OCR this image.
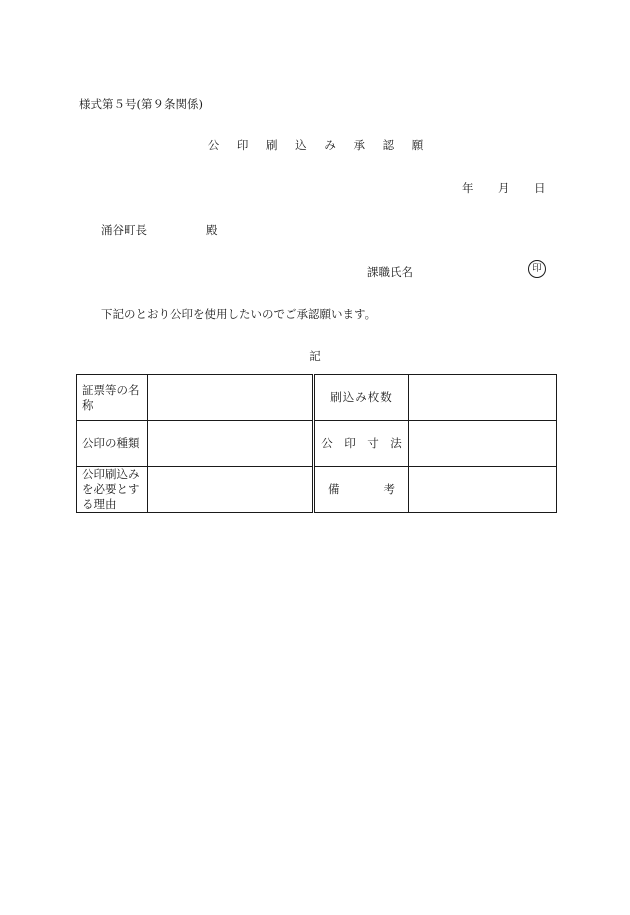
様式第５号(第９条関係)
公 印 刷 込 み 承 認 願
年 月 日
涌谷町長	殿
課職氏名	印
下記のとおり公印を使用したいのでご承認願います。
記
証票等の名称		刷込み枚数	
公印の種類		公　印　寸　法	
公印刷込みを必要とする理由		備 考	
